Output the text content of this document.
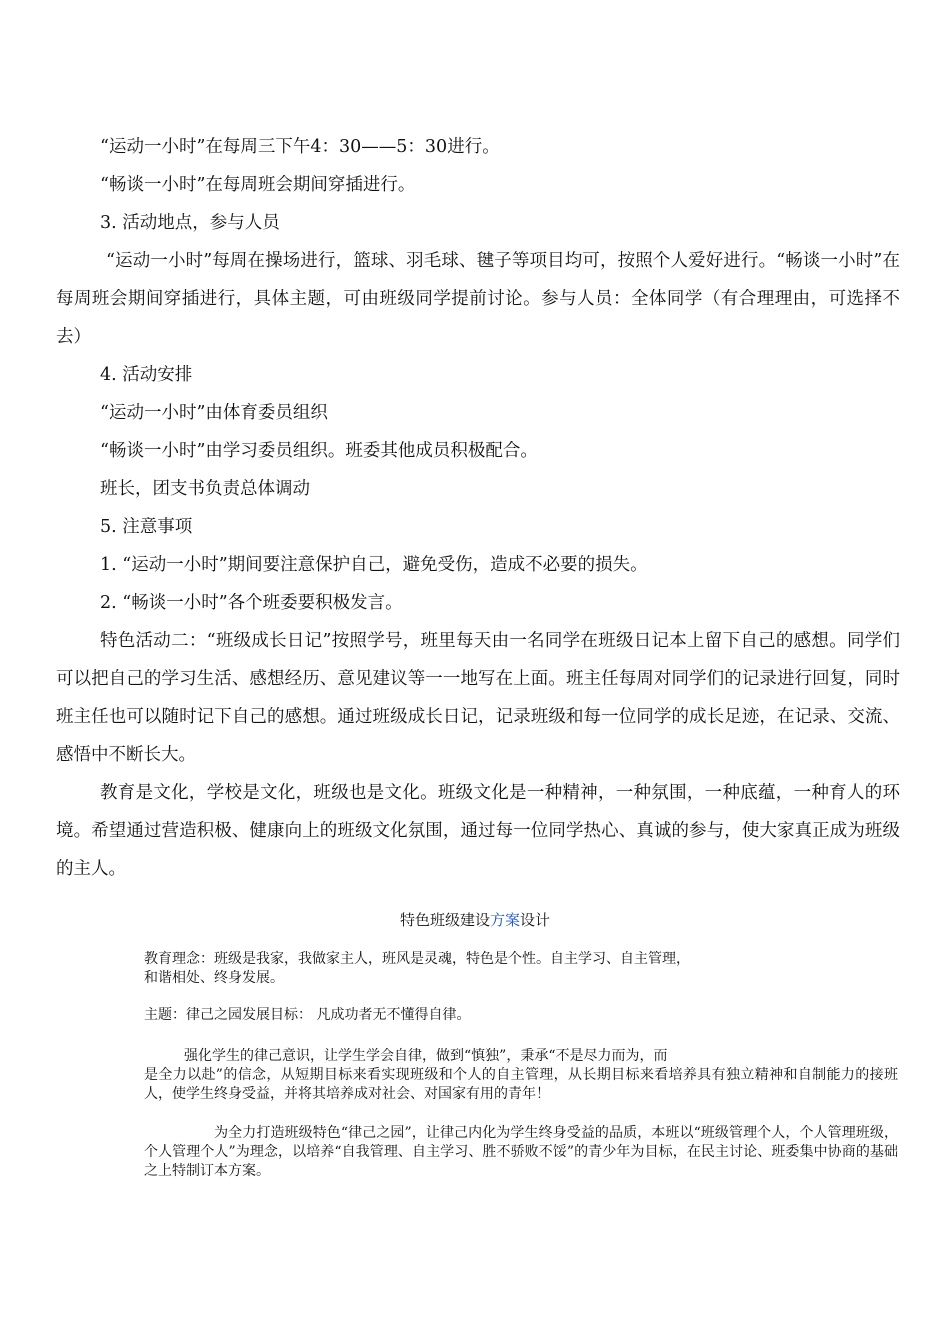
“运动一小时”在每周三下午4：30——5：30进行。
“畅谈一小时”在每周班会期间穿插进行。
3. 活动地点，参与人员
“运动一小时”每周在操场进行，篮球、羽毛球、毽子等项目均可，按照个人爱好进行。“畅谈一小时”在每周班会期间穿插进行，具体主题，可由班级同学提前讨论。参与人员：全体同学（有合理理由，可选择不去）
4. 活动安排
“运动一小时”由体育委员组织
“畅谈一小时”由学习委员组织。班委其他成员积极配合。
班长，团支书负责总体调动
5. 注意事项
1. “运动一小时”期间要注意保护自己，避免受伤，造成不必要的损失。
2. “畅谈一小时”各个班委要积极发言。
特色活动二：“班级成长日记”按照学号，班里每天由一名同学在班级日记本上留下自己的感想。同学们可以把自己的学习生活、感想经历、意见建议等一一地写在上面。班主任每周对同学们的记录进行回复，同时班主任也可以随时记下自己的感想。通过班级成长日记，记录班级和每一位同学的成长足迹，在记录、交流、感悟中不断长大。
教育是文化，学校是文化，班级也是文化。班级文化是一种精神，一种氛围，一种底蕴，一种育人的环境。希望通过营造积极、健康向上的班级文化氛围，通过每一位同学热心、真诚的参与，使大家真正成为班级的主人。
特色班级建设方案设计

教育理念：班级是我家，我做家主人，班风是灵魂，特色是个性。自主学习、自主管理，
和谐相处、终身发展。

主题：律己之园发展目标： 凡成功者无不懂得自律。

强化学生的律己意识，让学生学会自律，做到“慎独”，秉承“不是尽力而为，而
是全力以赴”的信念，从短期目标来看实现班级和个人的自主管理，从长期目标来看培养具有独立精神和自制能力的接班人，使学生终身受益，并将其培养成对社会、对国家有用的青年！

为全力打造班级特色“律己之园”，让律己内化为学生终身受益的品质，本班以“班级管理个人，个人管理班级，个人管理个人”为理念，以培养“自我管理、自主学习、胜不骄败不馁”的青少年为目标，在民主讨论、班委集中协商的基础之上特制订本方案。
